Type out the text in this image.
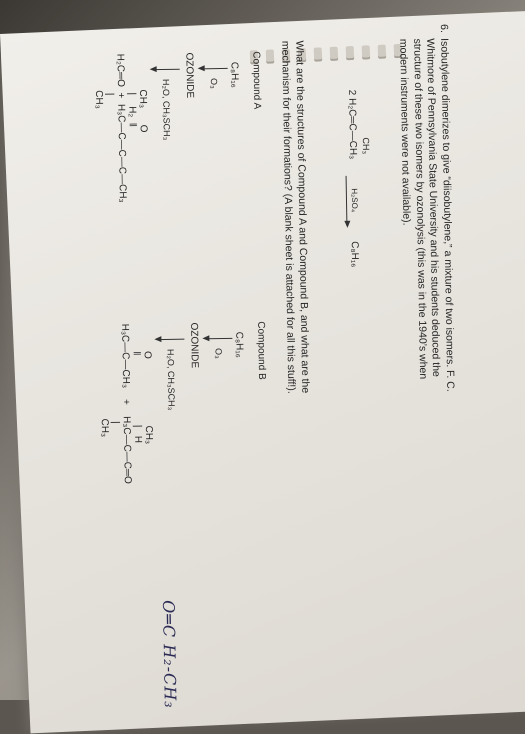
6.

Isobutylene dimerizes to give “diisobutylene,” a mixture of two isomers. F. C.

Whitmore of Pennsylvania State University and his students deduced the

structure of these two isomers by ozonolysis (this was in the 1940’s when

modern instruments were not available).

CH₃
2 H₂C═C—CH₃
H₂SO₄
C₈H₁₆

What are the structures of Compound A and Compound B, and what are the

mechanism for their formations? (A blank sheet is attached for all this stuff!).

Compound A
C₈H₁₆
O₃
OZONIDE
H₂O, CH₃SCH₃
CH₃      O
|    H₂  ‖
H₂C═O  +  H₃C—C—C—C—CH₃
|
CH₃
Compound B
C₈H₁₆
O₃
OZONIDE
H₂O, CH₃SCH₃
O                        CH₃
‖                         |   H
H₃C—C—CH₃    +    H₃C—C—C═O
|
CH₃
O═C H₂-CH₃
